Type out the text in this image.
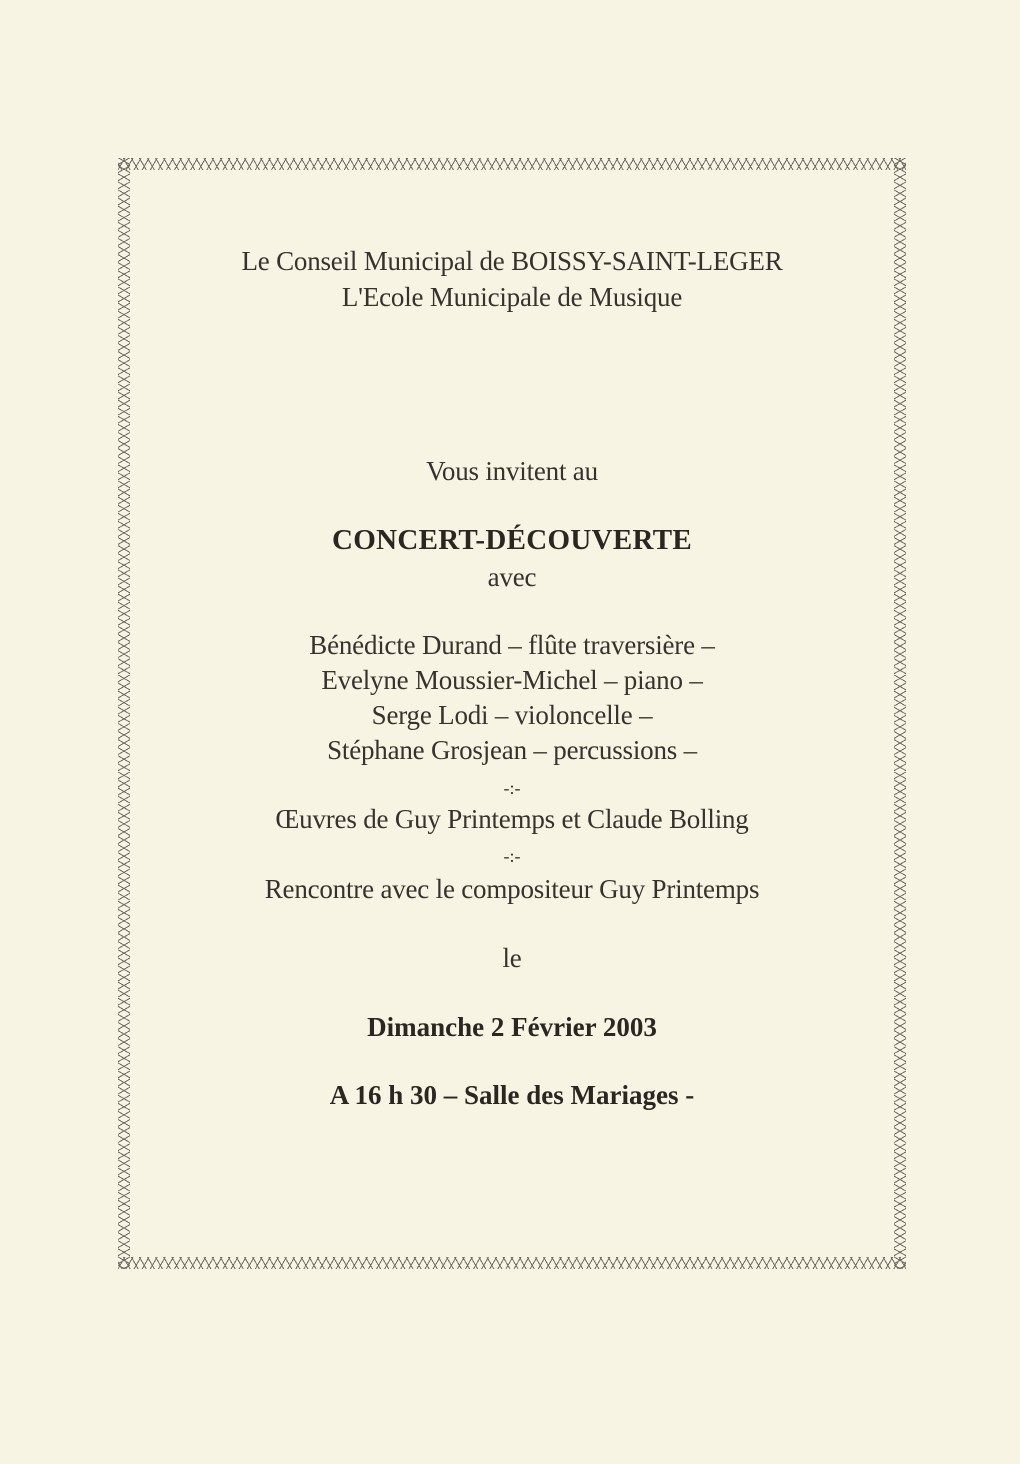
Le Conseil Municipal de BOISSY-SAINT-LEGER
L'Ecole Municipale de Musique
Vous invitent au
CONCERT-DÉCOUVERTE
avec
Bénédicte Durand – flûte traversière –
Evelyne Moussier-Michel – piano –
Serge Lodi – violoncelle –
Stéphane Grosjean – percussions –
-:-
Œuvres de Guy Printemps et Claude Bolling
-:-
Rencontre avec le compositeur Guy Printemps
le
Dimanche 2 Février 2003
A 16 h 30 – Salle des Mariages -
